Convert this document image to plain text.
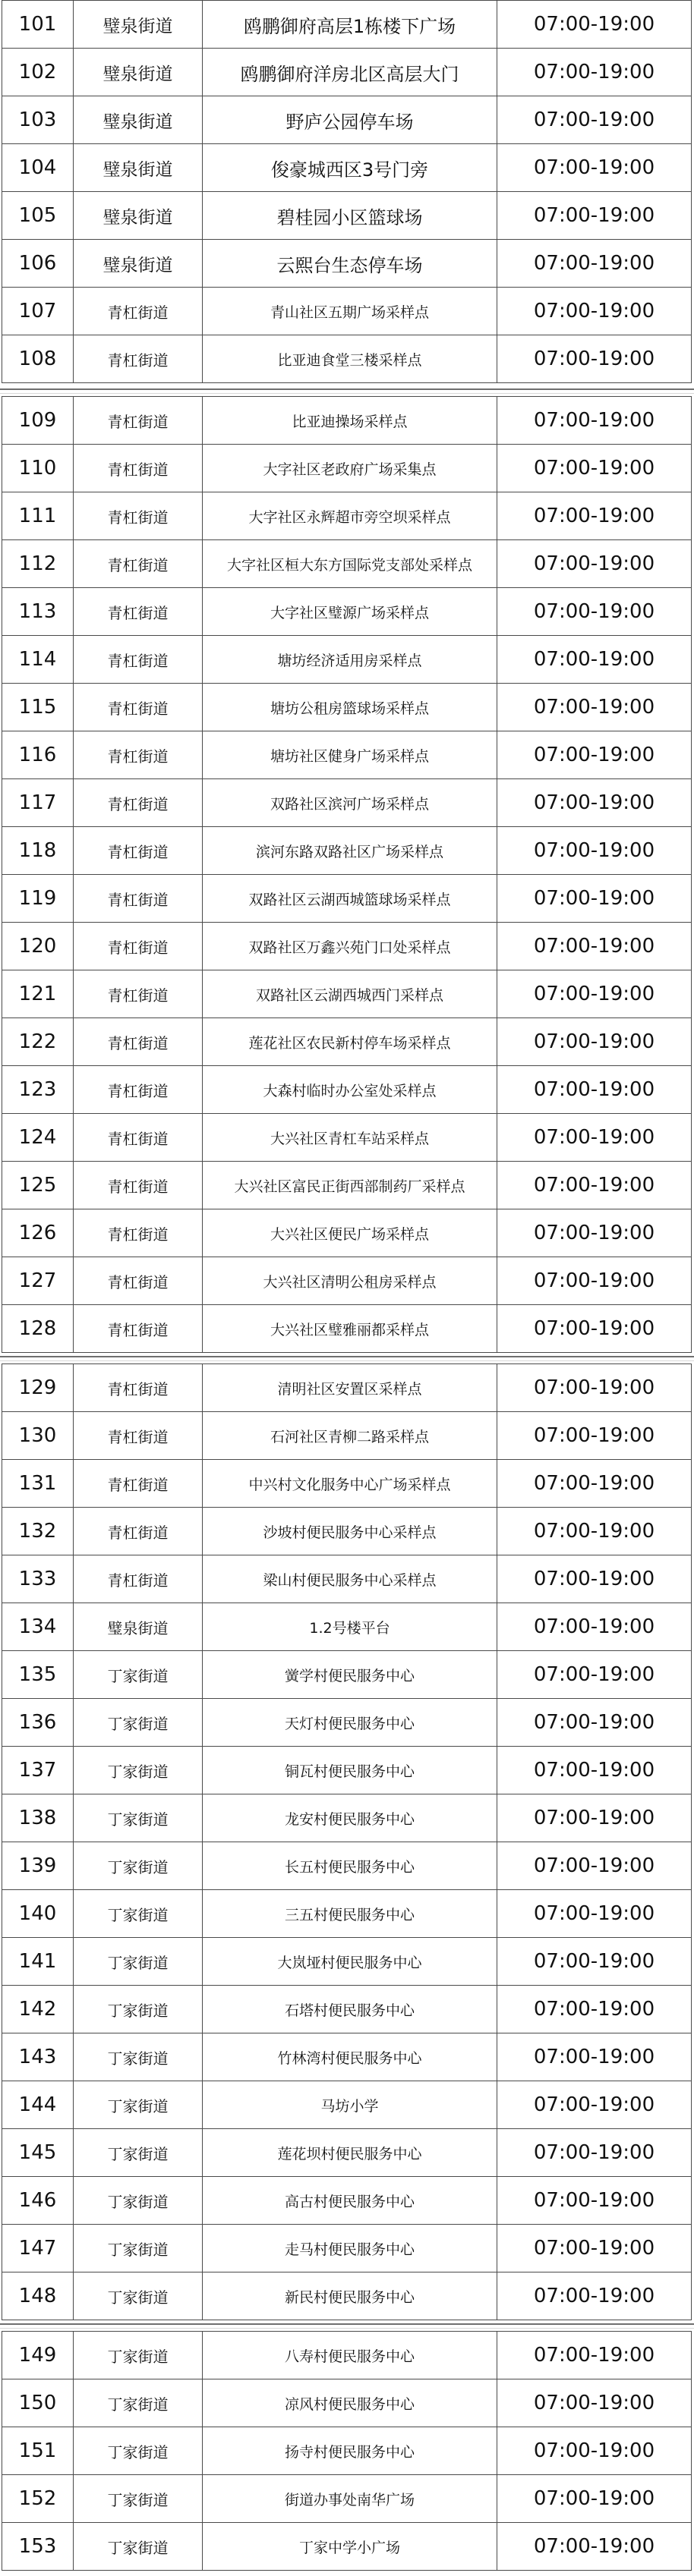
101	璧泉街道	鸥鹏御府高层1栋楼下广场	07:00-19:00
102	璧泉街道	鸥鹏御府洋房北区高层大门	07:00-19:00
103	璧泉街道	野庐公园停车场	07:00-19:00
104	璧泉街道	俊豪城西区3号门旁	07:00-19:00
105	璧泉街道	碧桂园小区篮球场	07:00-19:00
106	璧泉街道	云熙台生态停车场	07:00-19:00
107	青杠街道	青山社区五期广场采样点	07:00-19:00
108	青杠街道	比亚迪食堂三楼采样点	07:00-19:00
109	青杠街道	比亚迪操场采样点	07:00-19:00
110	青杠街道	大字社区老政府广场采集点	07:00-19:00
111	青杠街道	大字社区永辉超市旁空坝采样点	07:00-19:00
112	青杠街道	大字社区桓大东方国际党支部处采样点	07:00-19:00
113	青杠街道	大字社区璧源广场采样点	07:00-19:00
114	青杠街道	塘坊经济适用房采样点	07:00-19:00
115	青杠街道	塘坊公租房篮球场采样点	07:00-19:00
116	青杠街道	塘坊社区健身广场采样点	07:00-19:00
117	青杠街道	双路社区滨河广场采样点	07:00-19:00
118	青杠街道	滨河东路双路社区广场采样点	07:00-19:00
119	青杠街道	双路社区云湖西城篮球场采样点	07:00-19:00
120	青杠街道	双路社区万鑫兴苑门口处采样点	07:00-19:00
121	青杠街道	双路社区云湖西城西门采样点	07:00-19:00
122	青杠街道	莲花社区农民新村停车场采样点	07:00-19:00
123	青杠街道	大森村临时办公室处采样点	07:00-19:00
124	青杠街道	大兴社区青杠车站采样点	07:00-19:00
125	青杠街道	大兴社区富民正街西部制药厂采样点	07:00-19:00
126	青杠街道	大兴社区便民广场采样点	07:00-19:00
127	青杠街道	大兴社区清明公租房采样点	07:00-19:00
128	青杠街道	大兴社区璧雅丽都采样点	07:00-19:00
129	青杠街道	清明社区安置区采样点	07:00-19:00
130	青杠街道	石河社区青柳二路采样点	07:00-19:00
131	青杠街道	中兴村文化服务中心广场采样点	07:00-19:00
132	青杠街道	沙坡村便民服务中心采样点	07:00-19:00
133	青杠街道	梁山村便民服务中心采样点	07:00-19:00
134	璧泉街道	1.2号楼平台	07:00-19:00
135	丁家街道	黉学村便民服务中心	07:00-19:00
136	丁家街道	天灯村便民服务中心	07:00-19:00
137	丁家街道	铜瓦村便民服务中心	07:00-19:00
138	丁家街道	龙安村便民服务中心	07:00-19:00
139	丁家街道	长五村便民服务中心	07:00-19:00
140	丁家街道	三五村便民服务中心	07:00-19:00
141	丁家街道	大岚垭村便民服务中心	07:00-19:00
142	丁家街道	石塔村便民服务中心	07:00-19:00
143	丁家街道	竹林湾村便民服务中心	07:00-19:00
144	丁家街道	马坊小学	07:00-19:00
145	丁家街道	莲花坝村便民服务中心	07:00-19:00
146	丁家街道	高古村便民服务中心	07:00-19:00
147	丁家街道	走马村便民服务中心	07:00-19:00
148	丁家街道	新民村便民服务中心	07:00-19:00
149	丁家街道	八寿村便民服务中心	07:00-19:00
150	丁家街道	凉风村便民服务中心	07:00-19:00
151	丁家街道	扬寺村便民服务中心	07:00-19:00
152	丁家街道	街道办事处南华广场	07:00-19:00
153	丁家街道	丁家中学小广场	07:00-19:00
